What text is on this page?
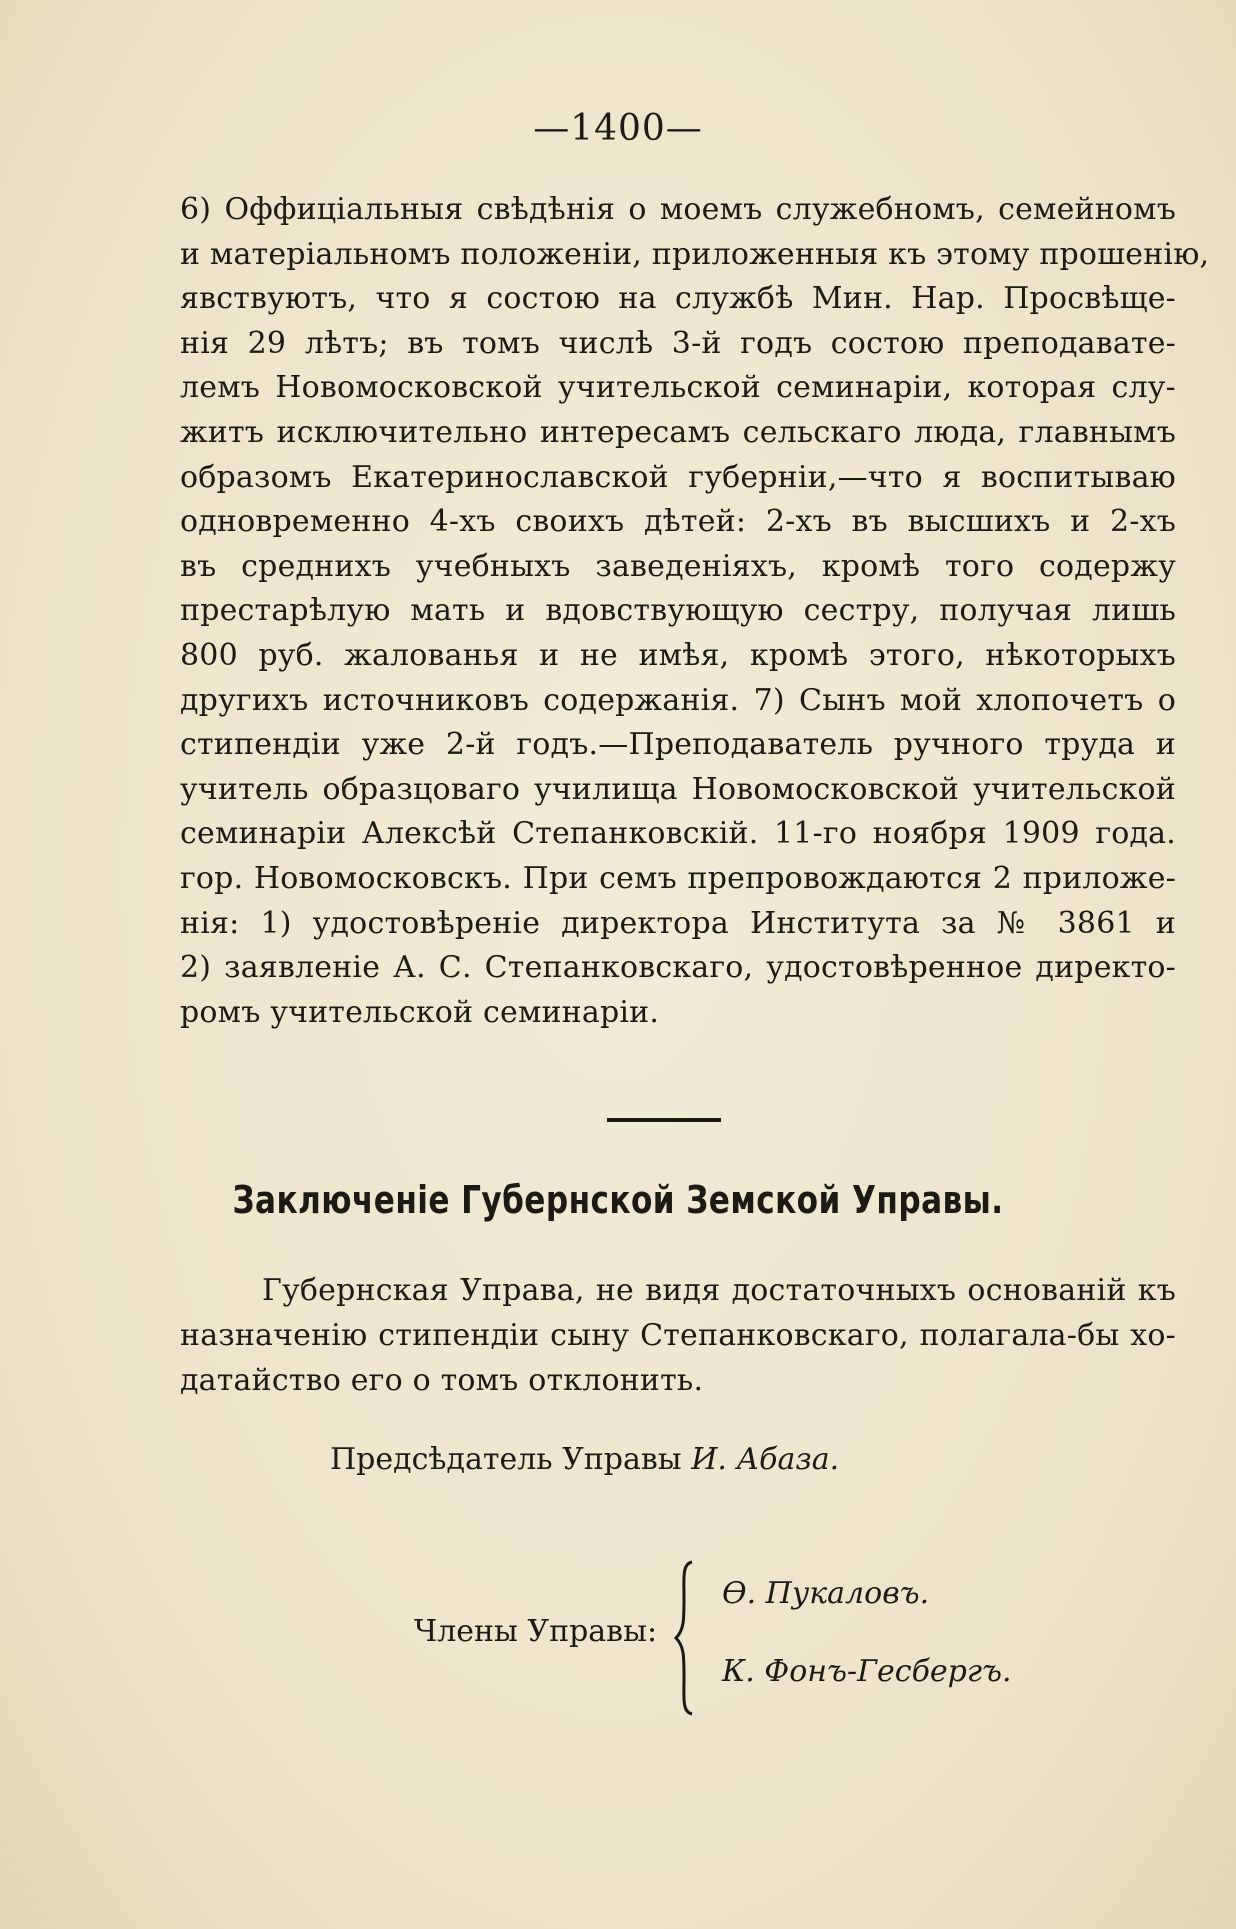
—1400—
6) Оффиціальныя свѣдѣнія о моемъ служебномъ, семейномъ
и матеріальномъ положеніи, приложенныя къ этому прошенію,
явствуютъ, что я состою на службѣ Мин. Нар. Просвѣще-
нія 29 лѣтъ; въ томъ числѣ 3-й годъ состою преподавате-
лемъ Новомосковской учительской семинаріи, которая слу-
житъ исключительно интересамъ сельскаго люда, главнымъ
образомъ Екатеринославской губерніи,—что я воспитываю
одновременно 4-хъ своихъ дѣтей: 2-хъ въ высшихъ и 2-хъ
въ среднихъ учебныхъ заведеніяхъ, кромѣ того содержу
престарѣлую мать и вдовствующую сестру, получая лишь
800 руб. жалованья и не имѣя, кромѣ этого, нѣкоторыхъ
другихъ источниковъ содержанія. 7) Сынъ мой хлопочетъ о
стипендіи уже 2-й годъ.—Преподаватель ручного труда и
учитель образцоваго училища Новомосковской учительской
семинаріи Алексѣй Степанковскій. 11-го ноября 1909 года.
гор. Новомосковскъ. При семъ препровождаются 2 приложе-
нія: 1) удостовѣреніе директора Института за № 3861 и
2) заявленіе А. С. Степанковскаго, удостовѣренное директо-
ромъ учительской семинаріи.
Заключеніе Губернской Земской Управы.
Губернская Управа, не видя достаточныхъ основаній къ
назначенію стипендіи сыну Степанковскаго, полагала-бы хо-
датайство его о томъ отклонить.
Предсѣдатель Управы И. Абаза.
Члены Управы:
Ѳ. Пукаловъ.
К. Фонъ-Гесбергъ.
